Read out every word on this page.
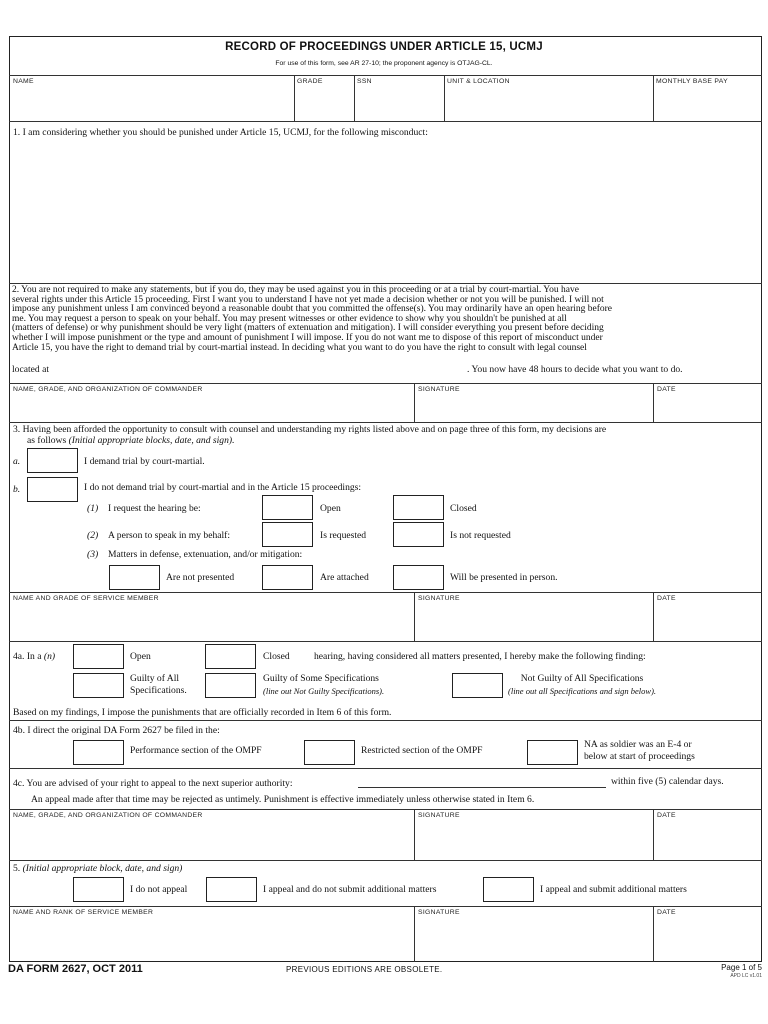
RECORD OF PROCEEDINGS UNDER ARTICLE 15, UCMJ
For use of this form, see AR 27-10; the proponent agency is OTJAG-CL.
NAME	GRADE	SSN	UNIT & LOCATION	MONTHLY BASE PAY
1. I am considering whether you should be punished under Article 15, UCMJ, for the following misconduct:
2. You are not required to make any statements, but if you do, they may be used against you in this proceeding or at a trial by court-martial. You have
several rights under this Article 15 proceeding. First I want you to understand I have not yet made a decision whether or not you will be punished. I will not
impose any punishment unless I am convinced beyond a reasonable doubt that you committed the offense(s). You may ordinarily have an open hearing before
me. You may request a person to speak on your behalf. You may present witnesses or other evidence to show why you shouldn't be punished at all
(matters of defense) or why punishment should be very light (matters of extenuation and mitigation). I will consider everything you present before deciding
whether I will impose punishment or the type and amount of punishment I will impose. If you do not want me to dispose of this report of misconduct under
Article 15, you have the right to demand trial by court-martial instead. In deciding what you want to do you have the right to consult with legal counsel
located at	. You now have 48 hours to decide what you want to do.
NAME, GRADE, AND ORGANIZATION OF COMMANDER	SIGNATURE	DATE
3. Having been afforded the opportunity to consult with counsel and understanding my rights listed above and on page three of this form, my decisions are
as follows (Initial appropriate blocks, date, and sign).
a.	I demand trial by court-martial.
b.	I do not demand trial by court-martial and in the Article 15 proceedings:
(1) I request the hearing be:	Open	Closed
(2) A person to speak in my behalf:	Is requested	Is not requested
(3) Matters in defense, extenuation, and/or mitigation:
Are not presented	Are attached	Will be presented in person.
NAME AND GRADE OF SERVICE MEMBER	SIGNATURE	DATE
4a. In a (n)	Open	Closed	hearing, having considered all matters presented, I hereby make the following finding:
Guilty of All
Specifications.
Guilty of Some Specifications
(line out Not Guilty Specifications).
Not Guilty of All Specifications
(line out all Specifications and sign below).
Based on my findings, I impose the punishments that are officially recorded in Item 6 of this form.
4b. I direct the original DA Form 2627 be filed in the:
Performance section of the OMPF	Restricted section of the OMPF
NA as soldier was an E-4 or
below at start of proceedings
4c. You are advised of your right to appeal to the next superior authority:	within five (5) calendar days.
An appeal made after that time may be rejected as untimely. Punishment is effective immediately unless otherwise stated in Item 6.
NAME, GRADE, AND ORGANIZATION OF COMMANDER	SIGNATURE	DATE
5. (Initial appropriate block, date, and sign)
I do not appeal	I appeal and do not submit additional matters	I appeal and submit additional matters
NAME AND RANK OF SERVICE MEMBER	SIGNATURE	DATE
DA FORM 2627, OCT 2011	PREVIOUS EDITIONS ARE OBSOLETE.	Page 1 of 5
APD LC v1.01
